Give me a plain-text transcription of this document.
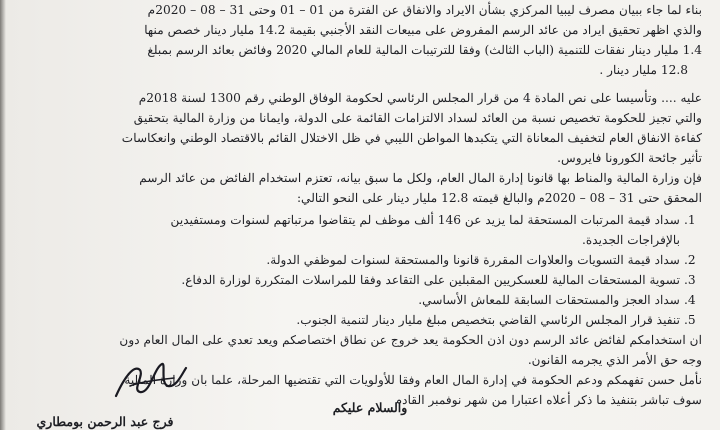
بناء لما جاء ببيان مصرف ليبيا المركزي بشأن الايراد والانفاق عن الفترة من 01 – 01 وحتى 31 – 08 – 2020م
والذي اظهر تحقيق ايراد من عائد الرسم المفروض على مبيعات النقد الأجنبي بقيمة 14.2 مليار دينار خصص منها
1.4 مليار دينار نفقات للتنمية (الباب الثالث) وفقا للترتيبات المالية للعام المالي 2020 وفائض بعائد الرسم بمبلغ
12.8 مليار دينار .
عليه .... وتأسيسا على نص المادة 4 من قرار المجلس الرئاسي لحكومة الوفاق الوطني رقم 1300 لسنة 2018م
والتي تجيز للحكومة تخصيص نسبة من العائد لسداد الالتزامات القائمة على الدولة، وايمانا من وزارة المالية بتحقيق
كفاءة الانفاق العام لتخفيف المعاناة التي يتكبدها المواطن الليبي في ظل الاختلال القائم بالاقتصاد الوطني وانعكاسات
تأثير جائحة الكورونا فايروس.
فإن وزارة المالية والمناط بها قانونا إدارة المال العام، ولكل ما سبق بيانه، تعتزم استخدام الفائض من عائد الرسم
المحقق حتى 31 – 08 – 2020م والبالغ قيمته 12.8 مليار دينار على النحو التالي:
1.
سداد قيمة المرتبات المستحقة لما يزيد عن 146 ألف موظف لم يتقاضوا مرتباتهم لسنوات ومستفيدين
بالإفراجات الجديدة.
2.
سداد قيمة التسويات والعلاوات المقررة قانونا والمستحقة لسنوات لموظفي الدولة.
3.
تسوية المستحقات المالية للعسكريين المقبلين على التقاعد وفقا للمراسلات المتكررة لوزارة الدفاع.
4.
سداد العجز والمستحقات السابقة للمعاش الأساسي.
5.
تنفيذ قرار المجلس الرئاسي القاضي بتخصيص مبلغ مليار دينار لتنمية الجنوب.
ان استخدامكم لفائض عائد الرسم دون اذن الحكومة يعد خروج عن نطاق اختصاصكم ويعد تعدي على المال العام دون
وجه حق الأمر الذي يجرمه القانون.
نأمل حسن تفهمكم ودعم الحكومة في إدارة المال العام وفقا للأولويات التي تقتضيها المرحلة، علما بان وزارة المالية
سوف تباشر بتنفيذ ما ذكر أعلاه اعتبارا من شهر نوفمبر القادم
والسلام عليكم
فرج عبد الرحمن بومطاري
